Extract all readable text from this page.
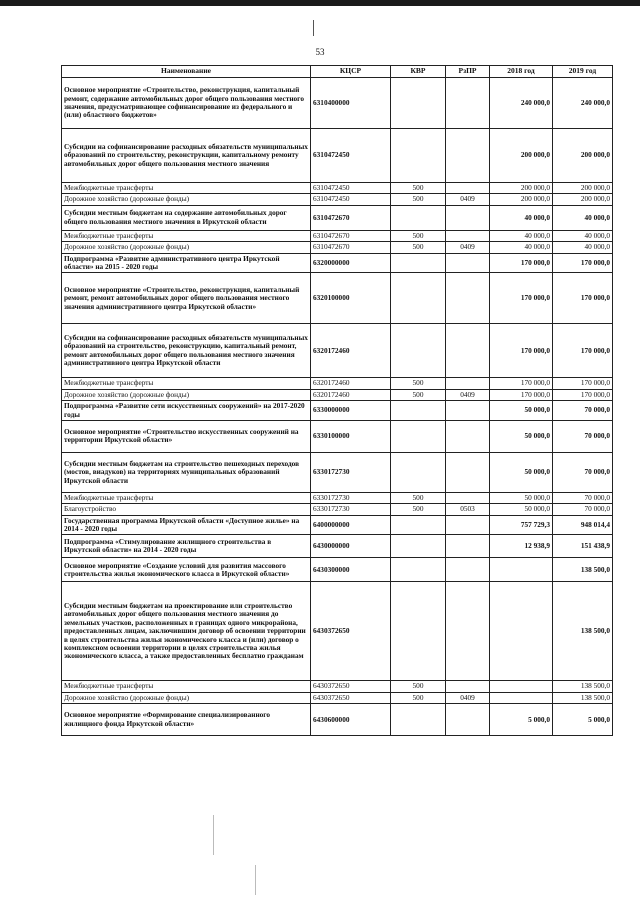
53
Наименование	КЦСР	КВР	РзПР	2018 год	2019 год
Основное мероприятие «Строительство, реконструкция, капитальный ремонт, содержание автомобильных дорог общего пользования местного значения, предусматривающее софинансирование из федерального и (или) областного бюджетов»	6310400000			240 000,0	240 000,0
Субсидии на софинансирование расходных обязательств муниципальных образований по строительству, реконструкции, капитальному ремонту автомобильных дорог общего пользования местного значения	6310472450			200 000,0	200 000,0
Межбюджетные трансферты	6310472450	500		200 000,0	200 000,0
Дорожное хозяйство (дорожные фонды)	6310472450	500	0409	200 000,0	200 000,0
Субсидии местным бюджетам на содержание автомобильных дорог общего пользования местного значения в Иркутской области	6310472670			40 000,0	40 000,0
Межбюджетные трансферты	6310472670	500		40 000,0	40 000,0
Дорожное хозяйство (дорожные фонды)	6310472670	500	0409	40 000,0	40 000,0
Подпрограмма «Развитие административного центра Иркутской области» на 2015 - 2020 годы	6320000000			170 000,0	170 000,0
Основное мероприятие «Строительство, реконструкция, капитальный ремонт, ремонт автомобильных дорог общего пользования местного значения административного центра Иркутской области»	6320100000			170 000,0	170 000,0
Субсидии на софинансирование расходных обязательств муниципальных образований на строительство, реконструкцию, капитальный ремонт, ремонт автомобильных дорог общего пользования местного значения административного центра Иркутской области	6320172460			170 000,0	170 000,0
Межбюджетные трансферты	6320172460	500		170 000,0	170 000,0
Дорожное хозяйство (дорожные фонды)	6320172460	500	0409	170 000,0	170 000,0
Подпрограмма «Развитие сети искусственных сооружений» на 2017-2020 годы	6330000000			50 000,0	70 000,0
Основное мероприятие «Строительство искусственных сооружений на территории Иркутской области»	6330100000			50 000,0	70 000,0
Субсидии местным бюджетам на строительство пешеходных переходов (мостов, виадуков) на территориях муниципальных образований Иркутской области	6330172730			50 000,0	70 000,0
Межбюджетные трансферты	6330172730	500		50 000,0	70 000,0
Благоустройство	6330172730	500	0503	50 000,0	70 000,0
Государственная программа Иркутской области «Доступное жилье» на 2014 - 2020 годы	6400000000			757 729,3	948 014,4
Подпрограмма «Стимулирование жилищного строительства в Иркутской области» на 2014 - 2020 годы	6430000000			12 938,9	151 438,9
Основное мероприятие «Создание условий для развития массового строительства жилья экономического класса в Иркутской области»	6430300000				138 500,0
Субсидии местным бюджетам на проектирование или строительство автомобильных дорог общего пользования местного значения до земельных участков, расположенных в границах одного микрорайона, предоставленных лицам, заключившим договор об освоении территории в целях строительства жилья экономического класса и (или) договор о комплексном освоении территории в целях строительства жилья экономического класса, а также предоставленных бесплатно гражданам	6430372650				138 500,0
Межбюджетные трансферты	6430372650	500			138 500,0
Дорожное хозяйство (дорожные фонды)	6430372650	500	0409		138 500,0
Основное мероприятие «Формирование специализированного жилищного фонда Иркутской области»	6430600000			5 000,0	5 000,0
